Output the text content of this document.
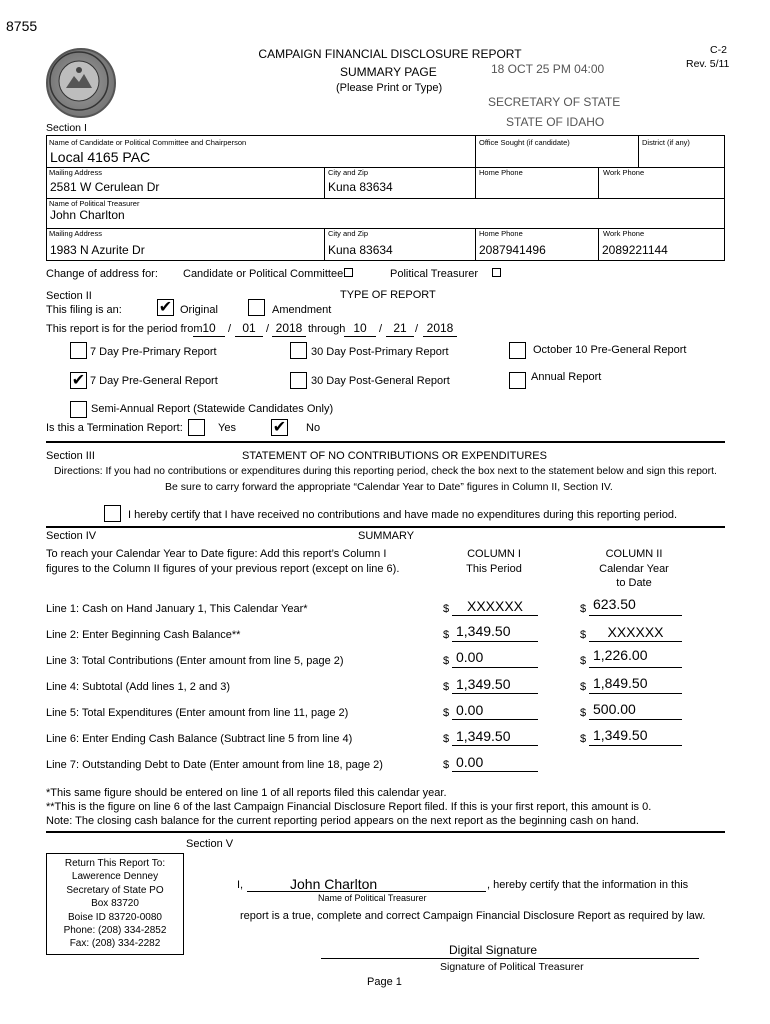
8755
C-2
Rev. 5/11
CAMPAIGN FINANCIAL DISCLOSURE REPORT
SUMMARY PAGE
(Please Print or Type)
18 OCT 25 PM 04:00
SECRETARY OF STATE
STATE OF IDAHO
Section I
Name of Candidate or Political Committee and Chairperson
Local 4165 PAC
Office Sought (if candidate)	District (if any)
Mailing Address
2581 W Cerulean Dr
City and Zip
Kuna 83634
Home Phone	Work Phone
Name of Political Treasurer
John Charlton
Mailing Address
1983 N Azurite Dr
City and Zip
Kuna 83634
Home Phone
2087941496
Work Phone
2089221144
Change of address for: Candidate or Political Committee	Political Treasurer
Section II	TYPE OF REPORT
This filing is an: ✔ Original	Amendment
This report is for the period from 10	/ 01 / 2018 through 10	/ 21 / 2018
7 Day Pre-Primary Report	30 Day Post-Primary Report	October 10 Pre-General Report
✔ 7 Day Pre-General Report	30 Day Post-General Report	Annual Report
Semi-Annual Report (Statewide Candidates Only)
Is this a Termination Report:	Yes ✔ No
Section III	STATEMENT OF NO CONTRIBUTIONS OR EXPENDITURES
Directions: If you had no contributions or expenditures during this reporting period, check the box next to the statement below and sign this report.
Be sure to carry forward the appropriate “Calendar Year to Date” figures in Column II, Section IV.
I hereby certify that I have received no contributions and have made no expenditures during this reporting period.
Section IV	SUMMARY
To reach your Calendar Year to Date figure: Add this report’s Column I
figures to the Column II figures of your previous report (except on line 6).
COLUMN I
This Period
COLUMN II
Calendar Year
to Date
Line 1: Cash on Hand January 1, This Calendar Year*	$	XXXXXX	$ 623.50
Line 2: Enter Beginning Cash Balance**	$ 1,349.50	$	XXXXXX
Line 3: Total Contributions (Enter amount from line 5, page 2)	$ 0.00	$ 1,226.00
Line 4: Subtotal (Add lines 1, 2 and 3)	$ 1,349.50	$ 1,849.50
Line 5: Total Expenditures (Enter amount from line 11, page 2)	$ 0.00	$ 500.00
Line 6: Enter Ending Cash Balance (Subtract line 5 from line 4)	$ 1,349.50	$ 1,349.50
Line 7: Outstanding Debt to Date (Enter amount from line 18, page 2)	$ 0.00
*This same figure should be entered on line 1 of all reports filed this calendar year.
**This is the figure on line 6 of the last Campaign Financial Disclosure Report filed. If this is your first report, this amount is 0.
Note: The closing cash balance for the current reporting period appears on the next report as the beginning cash on hand.
Section V
Return This Report To:
Lawerence Denney
Secretary of State PO
Box 83720
Boise ID 83720-0080
Phone: (208) 334-2852
Fax: (208) 334-2282
I,	John Charlton	, hereby certify that the information in this
Name of Political Treasurer
report is a true, complete and correct Campaign Financial Disclosure Report as required by law.
Digital Signature
Signature of Political Treasurer
Page 1
